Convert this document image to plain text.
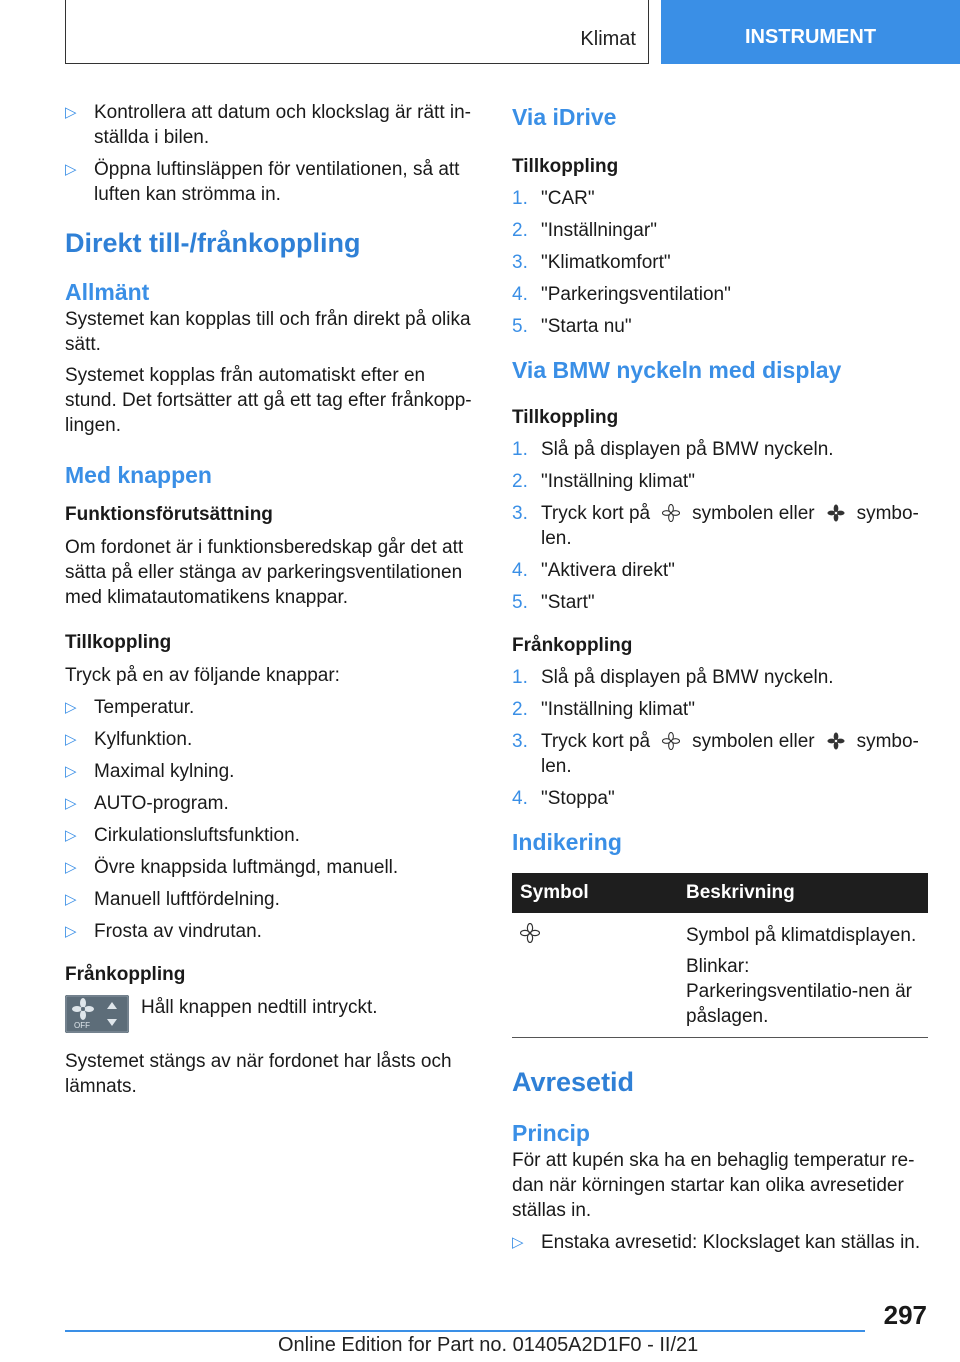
Klimat	INSTRUMENT
▷ Kontrollera att datum och klockslag är rätt in-ställda i bilen.
▷ Öppna luftinsläppen för ventilationen, så att luften kan strömma in.
Direkt till-/frånkoppling
Allmänt

Systemet kan kopplas till och från direkt på olika sätt.

Systemet kopplas från automatiskt efter en stund. Det fortsätter att gå ett tag efter frånkopp-lingen.

Med knappen
Funktionsförutsättning

Om fordonet är i funktionsberedskap går det att sätta på eller stänga av parkeringsventilationen med klimatautomatikens knappar.

Tillkoppling

Tryck på en av följande knappar:

▷ Temperatur.
▷ Kylfunktion.
▷ Maximal kylning.
▷ AUTO-program.
▷ Cirkulationsluftsfunktion.
▷ Övre knappsida luftmängd, manuell.
▷ Manuell luftfördelning.
▷ Frosta av vindrutan.
Frånkoppling
OFF

Håll knappen nedtill intryckt.

Systemet stängs av när fordonet har låsts och lämnats.

Via iDrive
Tillkoppling
1. "CAR"
2. "Inställningar"
3. "Klimatkomfort"
4. "Parkeringsventilation"
5. "Starta nu"
Via BMW nyckeln med display
Tillkoppling
1. Slå på displayen på BMW nyckeln.
2. "Inställning klimat"
3. Tryck kort på symbolen eller symbo-len.
4. "Aktivera direkt"
5. "Start"
Frånkoppling
1. Slå på displayen på BMW nyckeln.
2. "Inställning klimat"
3. Tryck kort på symbolen eller symbo-len.
4. "Stoppa"
Indikering
Symbol	Beskrivning

Symbol på klimatdisplayen.

Blinkar: Parkeringsventilatio-nen är påslagen.

Avresetid
Princip

För att kupén ska ha en behaglig temperatur re-dan när körningen startar kan olika avresetider ställas in.

▷ Enstaka avresetid: Klockslaget kan ställas in.
297
Online Edition for Part no. 01405A2D1F0 - II/21
